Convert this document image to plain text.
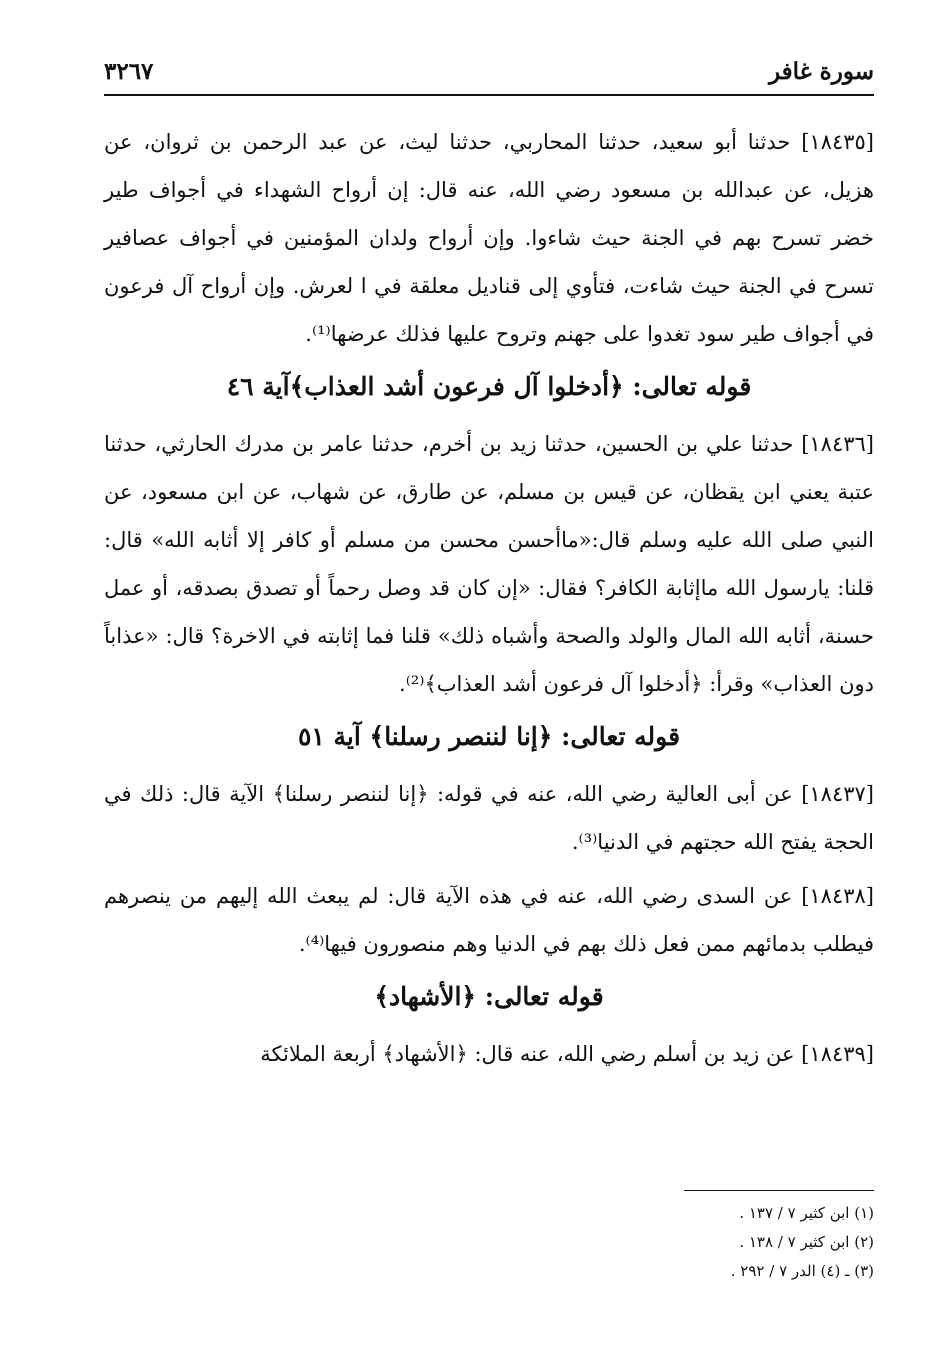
سورة غافر
٣٢٦٧

[١٨٤٣٥] حدثنا أبو سعيد، حدثنا المحاربي، حدثنا ليث، عن عبد الرحمن بن ثروان، عن هزيل، عن عبدالله بن مسعود رضي الله، عنه قال: إن أرواح الشهداء في أجواف طير خضر تسرح بهم في الجنة حيث شاءوا. وإن أرواح ولدان المؤمنين في أجواف عصافير تسرح في الجنة حيث شاءت، فتأوي إلى قناديل معلقة في ا لعرش. وإن أرواح آل فرعون في أجواف طير سود تغدوا على جهنم وتروح عليها فذلك عرضها⁽¹⁾.

قوله تعالى: ﴿أدخلوا آل فرعون أشد العذاب﴾آية ٤٦

[١٨٤٣٦] حدثنا علي بن الحسين، حدثنا زيد بن أخرم، حدثنا عامر بن مدرك الحارثي، حدثنا عتبة يعني ابن يقظان، عن قيس بن مسلم، عن طارق، عن شهاب، عن ابن مسعود، عن النبي صلى الله عليه وسلم قال:«ماأحسن محسن من مسلم أو كافر إلا أثابه الله» قال: قلنا: يارسول الله ماإثابة الكافر؟ فقال: «إن كان قد وصل رحماً أو تصدق بصدقه، أو عمل حسنة، أثابه الله المال والولد والصحة وأشباه ذلك» قلنا فما إثابته في الاخرة؟ قال: «عذاباً دون العذاب» وقرأ: ﴿أدخلوا آل فرعون أشد العذاب﴾⁽²⁾.

قوله تعالى: ﴿إنا لننصر رسلنا﴾ آية ٥١

[١٨٤٣٧] عن أبى العالية رضي الله، عنه في قوله: ﴿إنا لننصر رسلنا﴾ الآية قال: ذلك في الحجة يفتح الله حجتهم في الدنيا⁽³⁾.

[١٨٤٣٨] عن السدى رضي الله، عنه في هذه الآية قال: لم يبعث الله إليهم من ينصرهم فيطلب بدمائهم ممن فعل ذلك بهم في الدنيا وهم منصورون فيها⁽⁴⁾.

قوله تعالى: ﴿الأشهاد﴾

[١٨٤٣٩] عن زيد بن أسلم رضي الله، عنه قال: ﴿الأشهاد﴾ أربعة الملائكة

(١) ابن كثير ٧ / ١٣٧ .
(٢) ابن كثير ٧ / ١٣٨ .
(٣) ـ (٤) الدر ٧ / ٢٩٢ .
